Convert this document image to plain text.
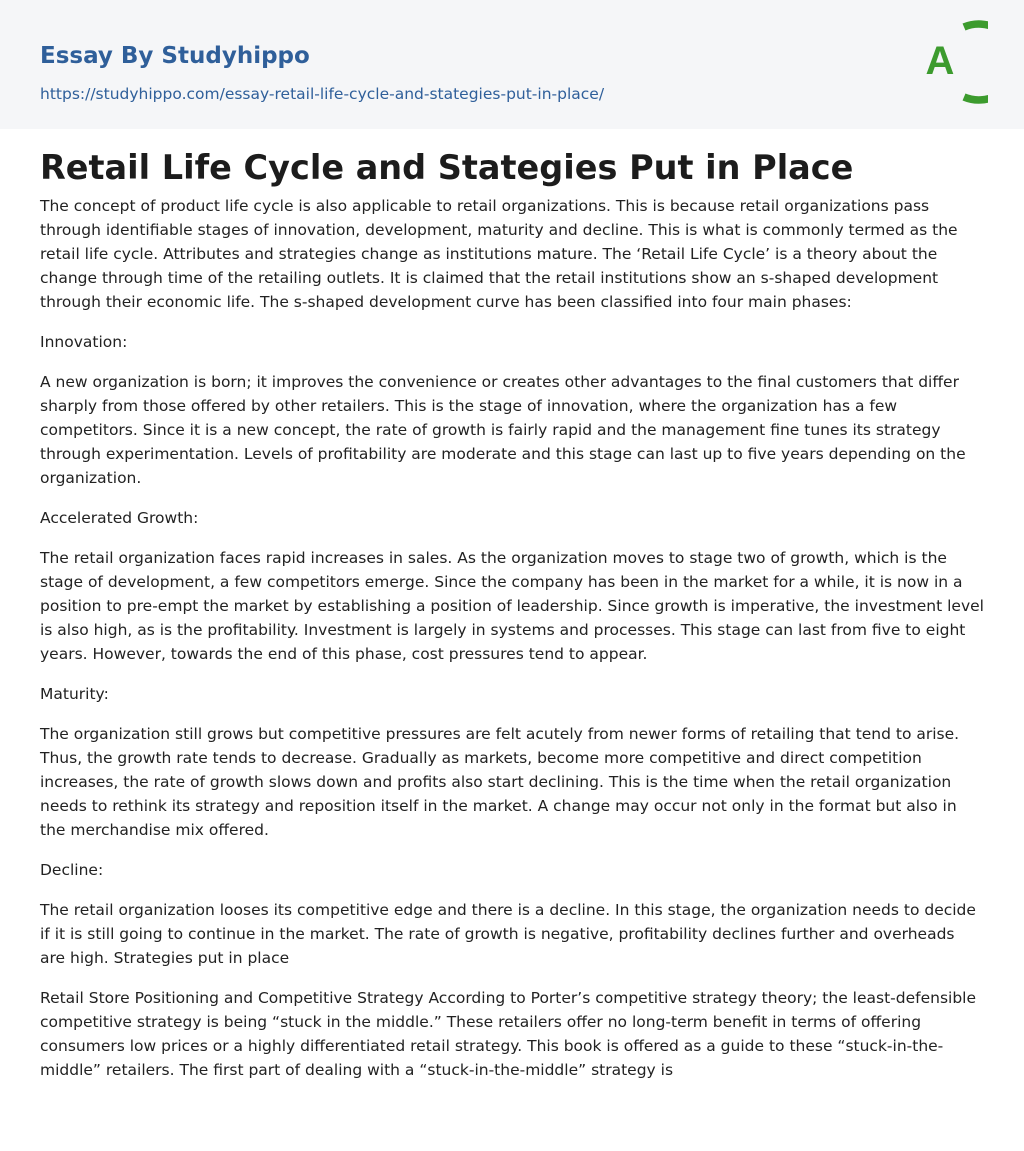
Essay By Studyhippo
https://studyhippo.com/essay-retail-life-cycle-and-stategies-put-in-place/
A
Retail Life Cycle and Stategies Put in Place

The concept of product life cycle is also applicable to retail organizations. This is because retail organizations pass through identifiable stages of innovation, development, maturity and decline. This is what is commonly termed as the retail life cycle. Attributes and strategies change as institutions mature. The ‘Retail Life Cycle’ is a theory about the change through time of the retailing outlets. It is claimed that the retail institutions show an s-shaped development through their economic life. The s-shaped development curve has been classified into four main phases:

Innovation:

A new organization is born; it improves the convenience or creates other advantages to the final customers that differ sharply from those offered by other retailers. This is the stage of innovation, where the organization has a few competitors. Since it is a new concept, the rate of growth is fairly rapid and the management fine tunes its strategy through experimentation. Levels of profitability are moderate and this stage can last up to five years depending on the organization.

Accelerated Growth:

The retail organization faces rapid increases in sales. As the organization moves to stage two of growth, which is the stage of development, a few competitors emerge. Since the company has been in the market for a while, it is now in a position to pre-empt the market by establishing a position of leadership. Since growth is imperative, the investment level is also high, as is the profitability. Investment is largely in systems and processes. This stage can last from five to eight years. However, towards the end of this phase, cost pressures tend to appear.

Maturity:

The organization still grows but competitive pressures are felt acutely from newer forms of retailing that tend to arise. Thus, the growth rate tends to decrease. Gradually as markets, become more competitive and direct competition increases, the rate of growth slows down and profits also start declining. This is the time when the retail organization needs to rethink its strategy and reposition itself in the market. A change may occur not only in the format but also in the merchandise mix offered.

Decline:

The retail organization looses its competitive edge and there is a decline. In this stage, the organization needs to decide if it is still going to continue in the market. The rate of growth is negative, profitability declines further and overheads are high. Strategies put in place

Retail Store Positioning and Competitive Strategy According to Porter’s competitive strategy theory; the least-defensible competitive strategy is being “stuck in the middle.” These retailers offer no long-term benefit in terms of offering consumers low prices or a highly differentiated retail strategy. This book is offered as a guide to these “stuck-in-the-middle” retailers. The first part of dealing with a “stuck-in-the-middle” strategy is
